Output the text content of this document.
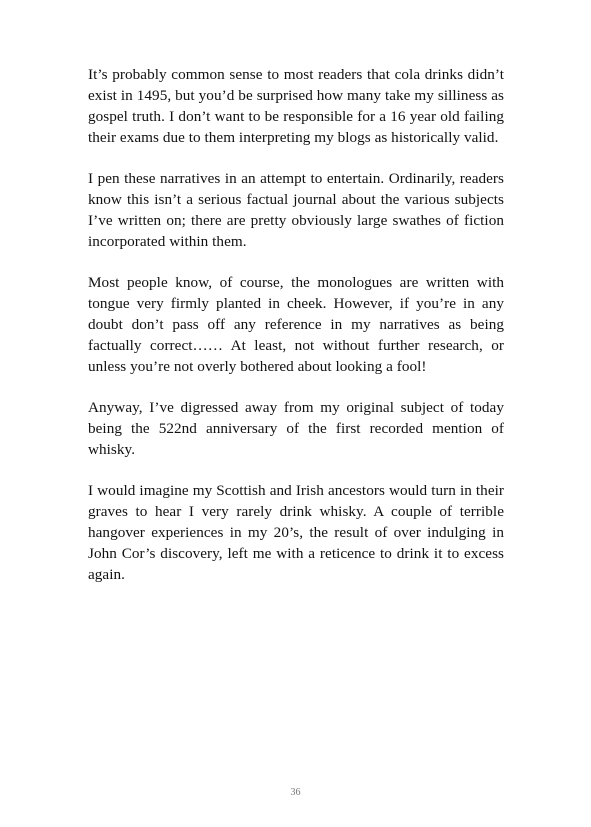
It’s probably common sense to most readers that cola drinks didn’t exist in 1495, but you’d be surprised how many take my silliness as gospel truth. I don’t want to be responsible for a 16 year old failing their exams due to them interpreting my blogs as historically valid.

I pen these narratives in an attempt to entertain. Ordinarily, readers know this isn’t a serious factual journal about the various subjects I’ve written on; there are pretty obviously large swathes of fiction incorporated within them.

Most people know, of course, the monologues are written with tongue very firmly planted in cheek. However, if you’re in any doubt don’t pass off any reference in my narratives as being factually correct…… At least, not without further research, or unless you’re not overly bothered about looking a fool!

Anyway, I’ve digressed away from my original subject of today being the 522nd anniversary of the first recorded mention of whisky.

I would imagine my Scottish and Irish ancestors would turn in their graves to hear I very rarely drink whisky. A couple of terrible hangover experiences in my 20’s, the result of over indulging in John Cor’s discovery, left me with a reticence to drink it to excess again.

36
